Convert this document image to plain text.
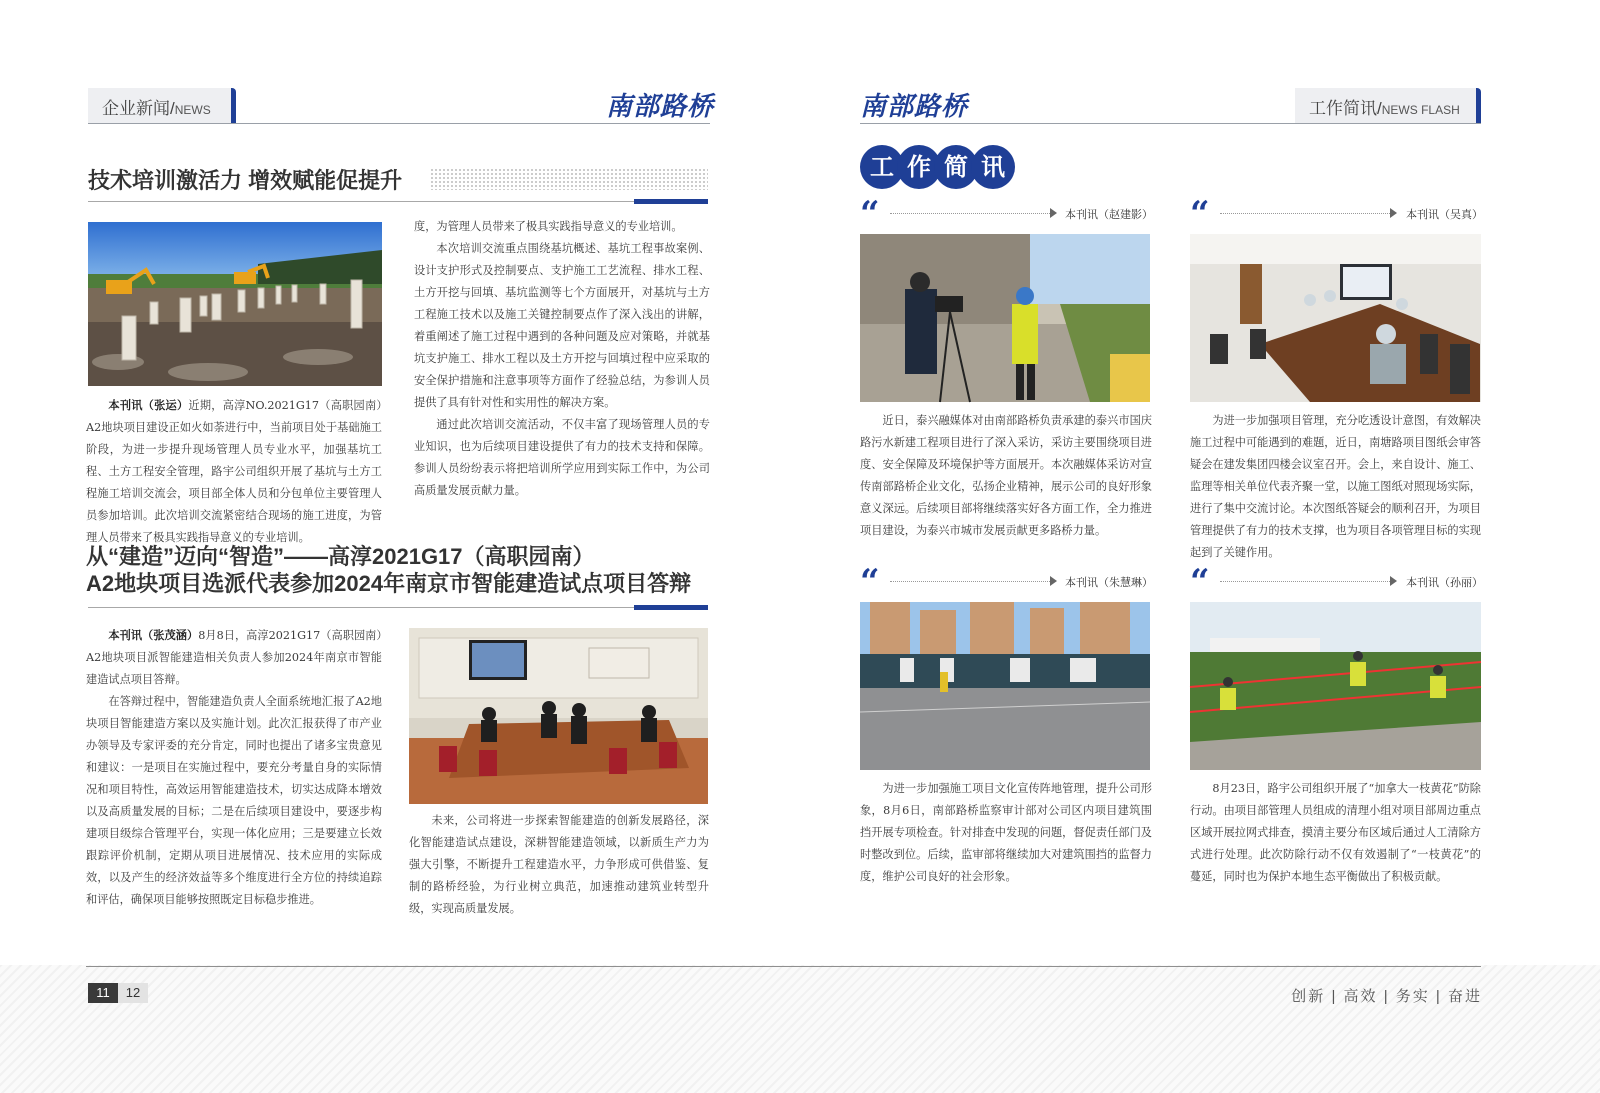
企业新闻/NEWS	南部路桥
技术培训激活力 增效赋能促提升

本刊讯（张运）近期，高淳NO.2021G17（高职园南）A2地块项目建设正如火如荼进行中，当前项目处于基础施工阶段，为进一步提升现场管理人员专业水平，加强基坑工程、土方工程安全管理，路宇公司组织开展了基坑与土方工程施工培训交流会，项目部全体人员和分包单位主要管理人员参加培训。此次培训交流紧密结合现场的施工进度，为管理人员带来了极具实践指导意义的专业培训。

度，为管理人员带来了极具实践指导意义的专业培训。

本次培训交流重点围绕基坑概述、基坑工程事故案例、设计支护形式及控制要点、支护施工工艺流程、排水工程、土方开挖与回填、基坑监测等七个方面展开，对基坑与土方工程施工技术以及施工关键控制要点作了深入浅出的讲解，着重阐述了施工过程中遇到的各种问题及应对策略，并就基坑支护施工、排水工程以及土方开挖与回填过程中应采取的安全保护措施和注意事项等方面作了经验总结，为参训人员提供了具有针对性和实用性的解决方案。

通过此次培训交流活动，不仅丰富了现场管理人员的专业知识，也为后续项目建设提供了有力的技术支持和保障。参训人员纷纷表示将把培训所学应用到实际工作中，为公司高质量发展贡献力量。

从“建造”迈向“智造”——高淳2021G17（高职园南）
A2地块项目选派代表参加2024年南京市智能建造试点项目答辩

本刊讯（张茂涵）8月8日，高淳2021G17（高职园南）A2地块项目派智能建造相关负责人参加2024年南京市智能建造试点项目答辩。

在答辩过程中，智能建造负责人全面系统地汇报了A2地块项目智能建造方案以及实施计划。此次汇报获得了市产业办领导及专家评委的充分肯定，同时也提出了诸多宝贵意见和建议：一是项目在实施过程中，要充分考量自身的实际情况和项目特性，高效运用智能建造技术，切实达成降本增效以及高质量发展的目标；二是在后续项目建设中，要逐步构建项目级综合管理平台，实现一体化应用；三是要建立长效跟踪评价机制，定期从项目进展情况、技术应用的实际成效，以及产生的经济效益等多个维度进行全方位的持续追踪和评估，确保项目能够按照既定目标稳步推进。

未来，公司将进一步探索智能建造的创新发展路径，深化智能建造试点建设，深耕智能建造领域，以新质生产力为强大引擎，不断提升工程建造水平，力争形成可供借鉴、复制的路桥经验，为行业树立典范，加速推动建筑业转型升级，实现高质量发展。

南部路桥	工作简讯/NEWS FLASH
工 作 简 讯
“	本刊讯（赵建影）

近日，泰兴融媒体对由南部路桥负责承建的泰兴市国庆路污水新建工程项目进行了深入采访，采访主要围绕项目进度、安全保障及环境保护等方面展开。本次融媒体采访对宣传南部路桥企业文化，弘扬企业精神，展示公司的良好形象意义深远。后续项目部将继续落实好各方面工作，全力推进项目建设，为泰兴市城市发展贡献更多路桥力量。

“	本刊讯（吴真）

为进一步加强项目管理，充分吃透设计意图，有效解决施工过程中可能遇到的难题，近日，南塘路项目图纸会审答疑会在建发集团四楼会议室召开。会上，来自设计、施工、监理等相关单位代表齐聚一堂，以施工图纸对照现场实际，进行了集中交流讨论。本次图纸答疑会的顺利召开，为项目管理提供了有力的技术支撑，也为项目各项管理目标的实现起到了关键作用。

“	本刊讯（朱慧琳）

为进一步加强施工项目文化宣传阵地管理，提升公司形象，8月6日，南部路桥监察审计部对公司区内项目建筑围挡开展专项检查。针对排查中发现的问题，督促责任部门及时整改到位。后续，监审部将继续加大对建筑围挡的监督力度，维护公司良好的社会形象。

“	本刊讯（孙丽）

8月23日，路宇公司组织开展了“加拿大一枝黄花”防除行动。由项目部管理人员组成的清理小组对项目部周边重点区域开展拉网式排查，摸清主要分布区域后通过人工清除方式进行处理。此次防除行动不仅有效遏制了“一枝黄花”的蔓延，同时也为保护本地生态平衡做出了积极贡献。

11	12	创新 | 高效 | 务实 | 奋进
